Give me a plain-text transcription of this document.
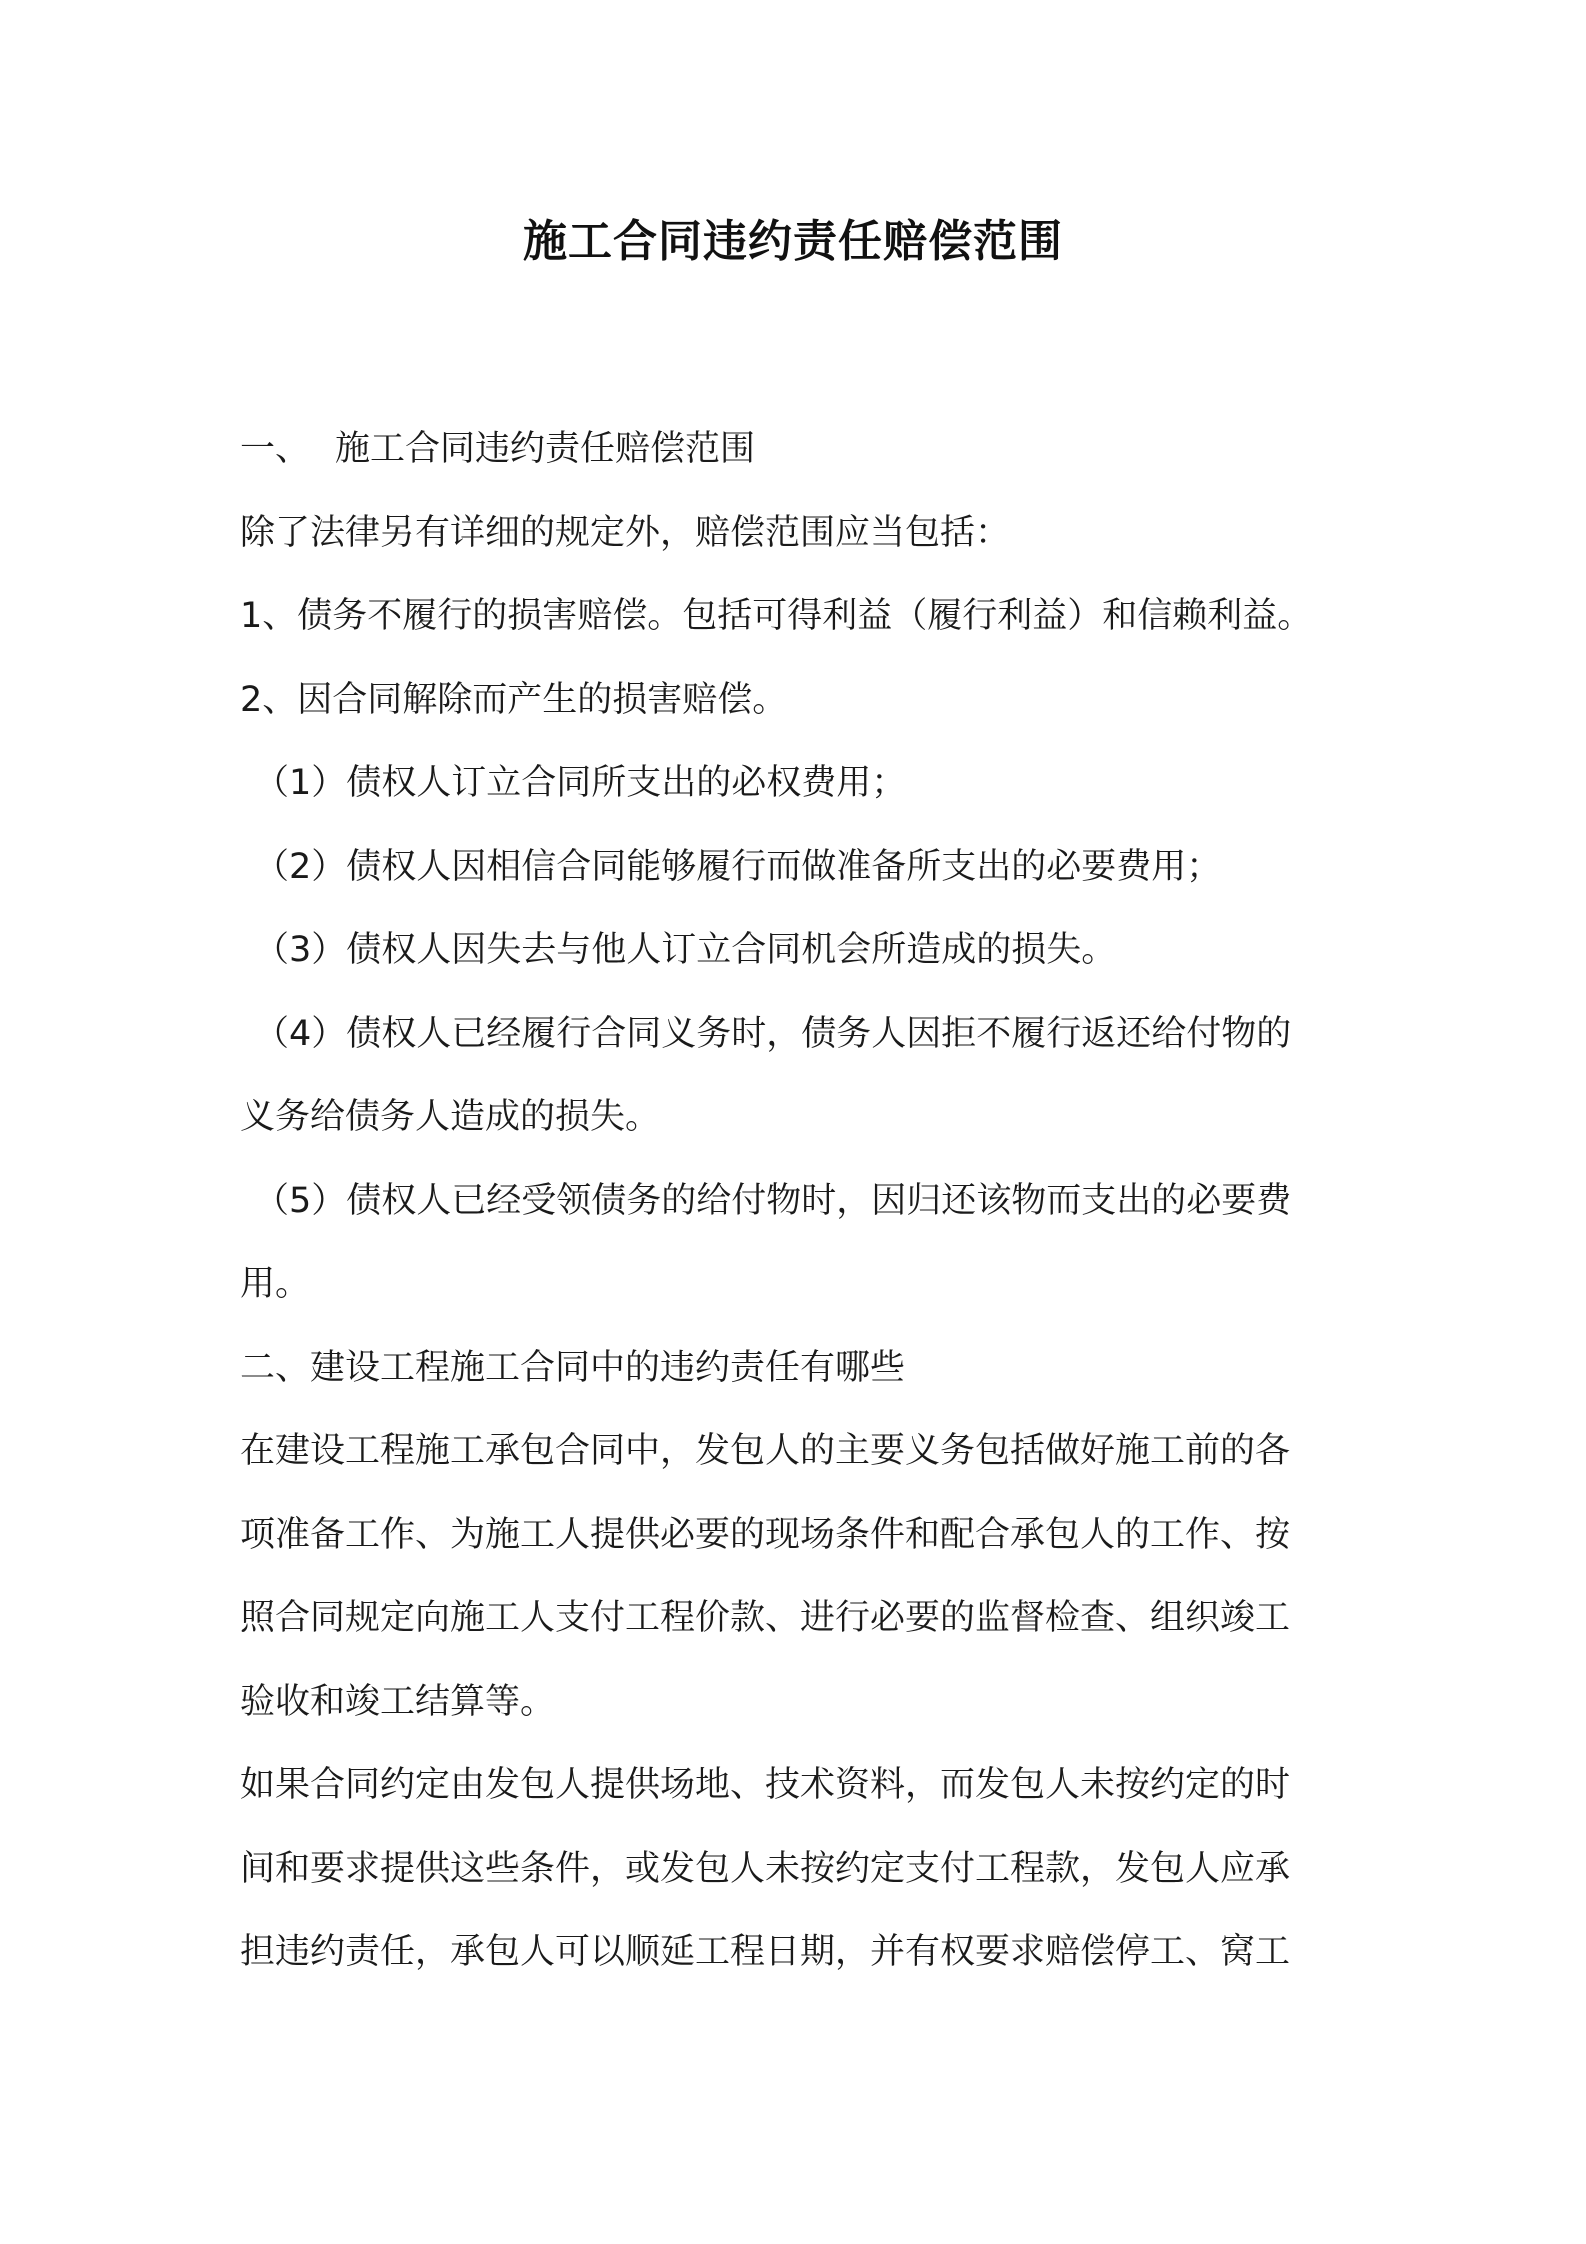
施工合同违约责任赔偿范围
一、 施工合同违约责任赔偿范围
除了法律另有详细的规定外，赔偿范围应当包括：
1、债务不履行的损害赔偿。包括可得利益（履行利益）和信赖利益。
2、因合同解除而产生的损害赔偿。
（1）债权人订立合同所支出的必权费用；
（2）债权人因相信合同能够履行而做准备所支出的必要费用；
（3）债权人因失去与他人订立合同机会所造成的损失。
（4）债权人已经履行合同义务时，债务人因拒不履行返还给付物的
义务给债务人造成的损失。
（5）债权人已经受领债务的给付物时，因归还该物而支出的必要费
用。
二、建设工程施工合同中的违约责任有哪些
在建设工程施工承包合同中，发包人的主要义务包括做好施工前的各
项准备工作、为施工人提供必要的现场条件和配合承包人的工作、按
照合同规定向施工人支付工程价款、进行必要的监督检查、组织竣工
验收和竣工结算等。
如果合同约定由发包人提供场地、技术资料，而发包人未按约定的时
间和要求提供这些条件，或发包人未按约定支付工程款，发包人应承
担违约责任，承包人可以顺延工程日期，并有权要求赔偿停工、窝工
